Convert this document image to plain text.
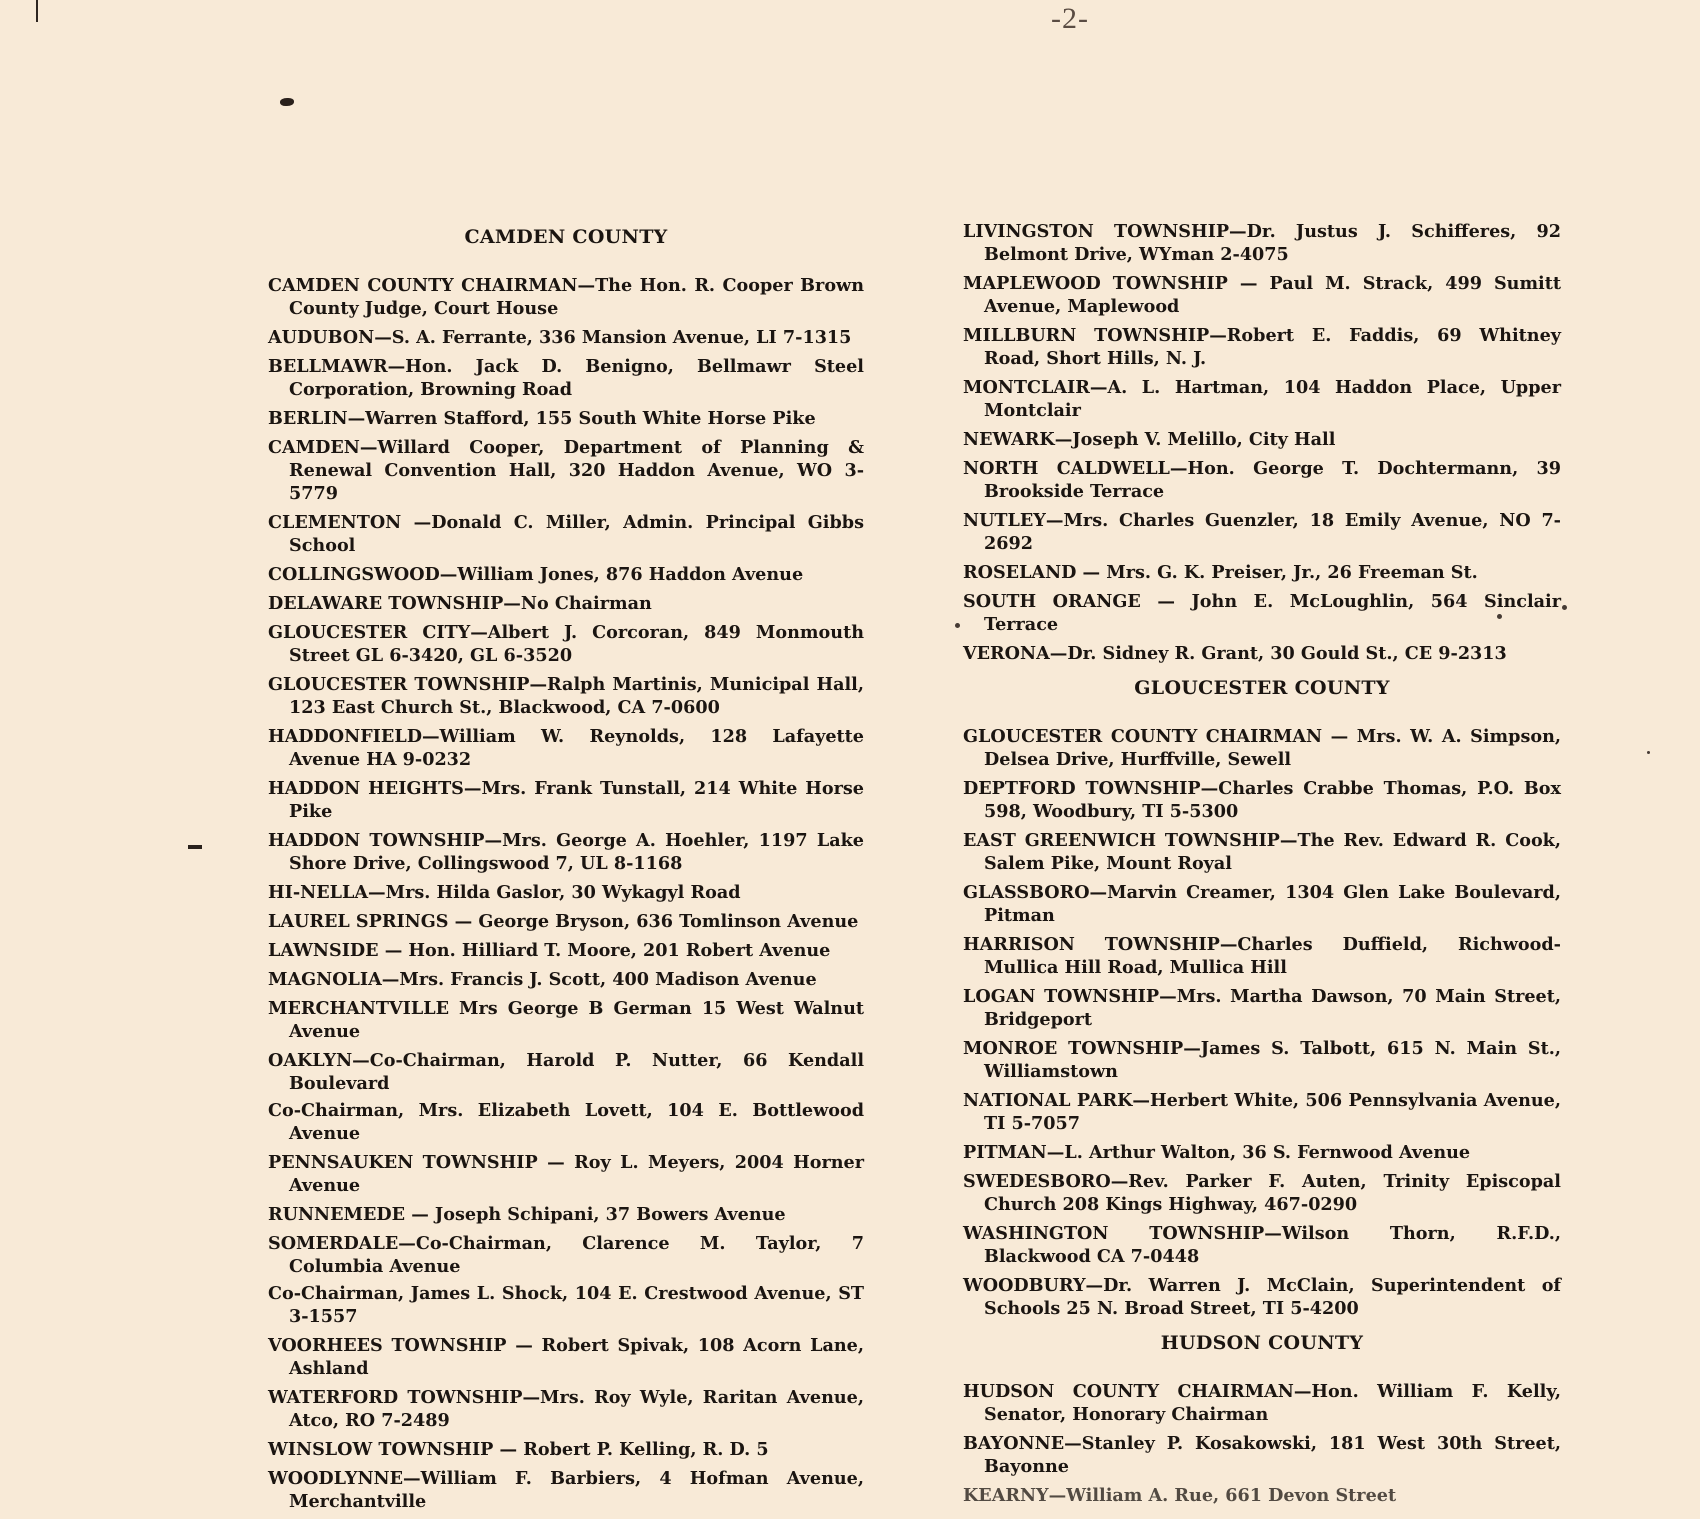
-2-
CAMDEN COUNTY
CAMDEN COUNTY CHAIRMAN—The Hon. R. Cooper Brown County Judge, Court House
AUDUBON—S. A. Ferrante, 336 Mansion Avenue, LI 7-1315
BELLMAWR—Hon. Jack D. Benigno, Bellmawr Steel Corporation, Browning Road
BERLIN—Warren Stafford, 155 South White Horse Pike
CAMDEN—Willard Cooper, Department of Planning & Renewal Convention Hall, 320 Haddon Avenue, WO 3-5779
CLEMENTON —Donald C. Miller, Admin. Principal Gibbs School
COLLINGSWOOD—William Jones, 876 Haddon Avenue
DELAWARE TOWNSHIP—No Chairman
GLOUCESTER CITY—Albert J. Corcoran, 849 Monmouth Street GL 6-3420, GL 6-3520
GLOUCESTER TOWNSHIP—Ralph Martinis, Municipal Hall, 123 East Church St., Blackwood, CA 7-0600
HADDONFIELD—William W. Reynolds, 128 Lafayette Avenue HA 9-0232
HADDON HEIGHTS—Mrs. Frank Tunstall, 214 White Horse Pike
HADDON TOWNSHIP—Mrs. George A. Hoehler, 1197 Lake Shore Drive, Collingswood 7, UL 8-1168
HI-NELLA—Mrs. Hilda Gaslor, 30 Wykagyl Road
LAUREL SPRINGS — George Bryson, 636 Tomlinson Avenue
LAWNSIDE — Hon. Hilliard T. Moore, 201 Robert Avenue
MAGNOLIA—Mrs. Francis J. Scott, 400 Madison Avenue
MERCHANTVILLE Mrs George B German 15 West Walnut Avenue
OAKLYN—Co-Chairman, Harold P. Nutter, 66 Kendall Boulevard
Co-Chairman, Mrs. Elizabeth Lovett, 104 E. Bottlewood Avenue
PENNSAUKEN TOWNSHIP — Roy L. Meyers, 2004 Horner Avenue
RUNNEMEDE — Joseph Schipani, 37 Bowers Avenue
SOMERDALE—Co-Chairman, Clarence M. Taylor, 7 Columbia Avenue
Co-Chairman, James L. Shock, 104 E. Crestwood Avenue, ST 3-1557
VOORHEES TOWNSHIP — Robert Spivak, 108 Acorn Lane, Ashland
WATERFORD TOWNSHIP—Mrs. Roy Wyle, Raritan Avenue, Atco, RO 7-2489
WINSLOW TOWNSHIP — Robert P. Kelling, R. D. 5
WOODLYNNE—William F. Barbiers, 4 Hofman Avenue, Merchantville
LIVINGSTON TOWNSHIP—Dr. Justus J. Schifferes, 92 Belmont Drive, WYman 2-4075
MAPLEWOOD TOWNSHIP — Paul M. Strack, 499 Sumitt Avenue, Maplewood
MILLBURN TOWNSHIP—Robert E. Faddis, 69 Whitney Road, Short Hills, N. J.
MONTCLAIR—A. L. Hartman, 104 Haddon Place, Upper Montclair
NEWARK—Joseph V. Melillo, City Hall
NORTH CALDWELL—Hon. George T. Dochtermann, 39 Brookside Terrace
NUTLEY—Mrs. Charles Guenzler, 18 Emily Avenue, NO 7-2692
ROSELAND — Mrs. G. K. Preiser, Jr., 26 Freeman St.
SOUTH ORANGE — John E. McLoughlin, 564 Sinclair Terrace
VERONA—Dr. Sidney R. Grant, 30 Gould St., CE 9-2313
GLOUCESTER COUNTY
GLOUCESTER COUNTY CHAIRMAN — Mrs. W. A. Simpson, Delsea Drive, Hurffville, Sewell
DEPTFORD TOWNSHIP—Charles Crabbe Thomas, P.O. Box 598, Woodbury, TI 5-5300
EAST GREENWICH TOWNSHIP—The Rev. Edward R. Cook, Salem Pike, Mount Royal
GLASSBORO—Marvin Creamer, 1304 Glen Lake Boulevard, Pitman
HARRISON TOWNSHIP—Charles Duffield, Richwood-Mullica Hill Road, Mullica Hill
LOGAN TOWNSHIP—Mrs. Martha Dawson, 70 Main Street, Bridgeport
MONROE TOWNSHIP—James S. Talbott, 615 N. Main St., Williamstown
NATIONAL PARK—Herbert White, 506 Pennsylvania Avenue, TI 5-7057
PITMAN—L. Arthur Walton, 36 S. Fernwood Avenue
SWEDESBORO—Rev. Parker F. Auten, Trinity Episcopal Church 208 Kings Highway, 467-0290
WASHINGTON TOWNSHIP—Wilson Thorn, R.F.D., Blackwood CA 7-0448
WOODBURY—Dr. Warren J. McClain, Superintendent of Schools 25 N. Broad Street, TI 5-4200
HUDSON COUNTY
HUDSON COUNTY CHAIRMAN—Hon. William F. Kelly, Senator, Honorary Chairman
BAYONNE—Stanley P. Kosakowski, 181 West 30th Street, Bayonne
KEARNY—William A. Rue, 661 Devon Street
